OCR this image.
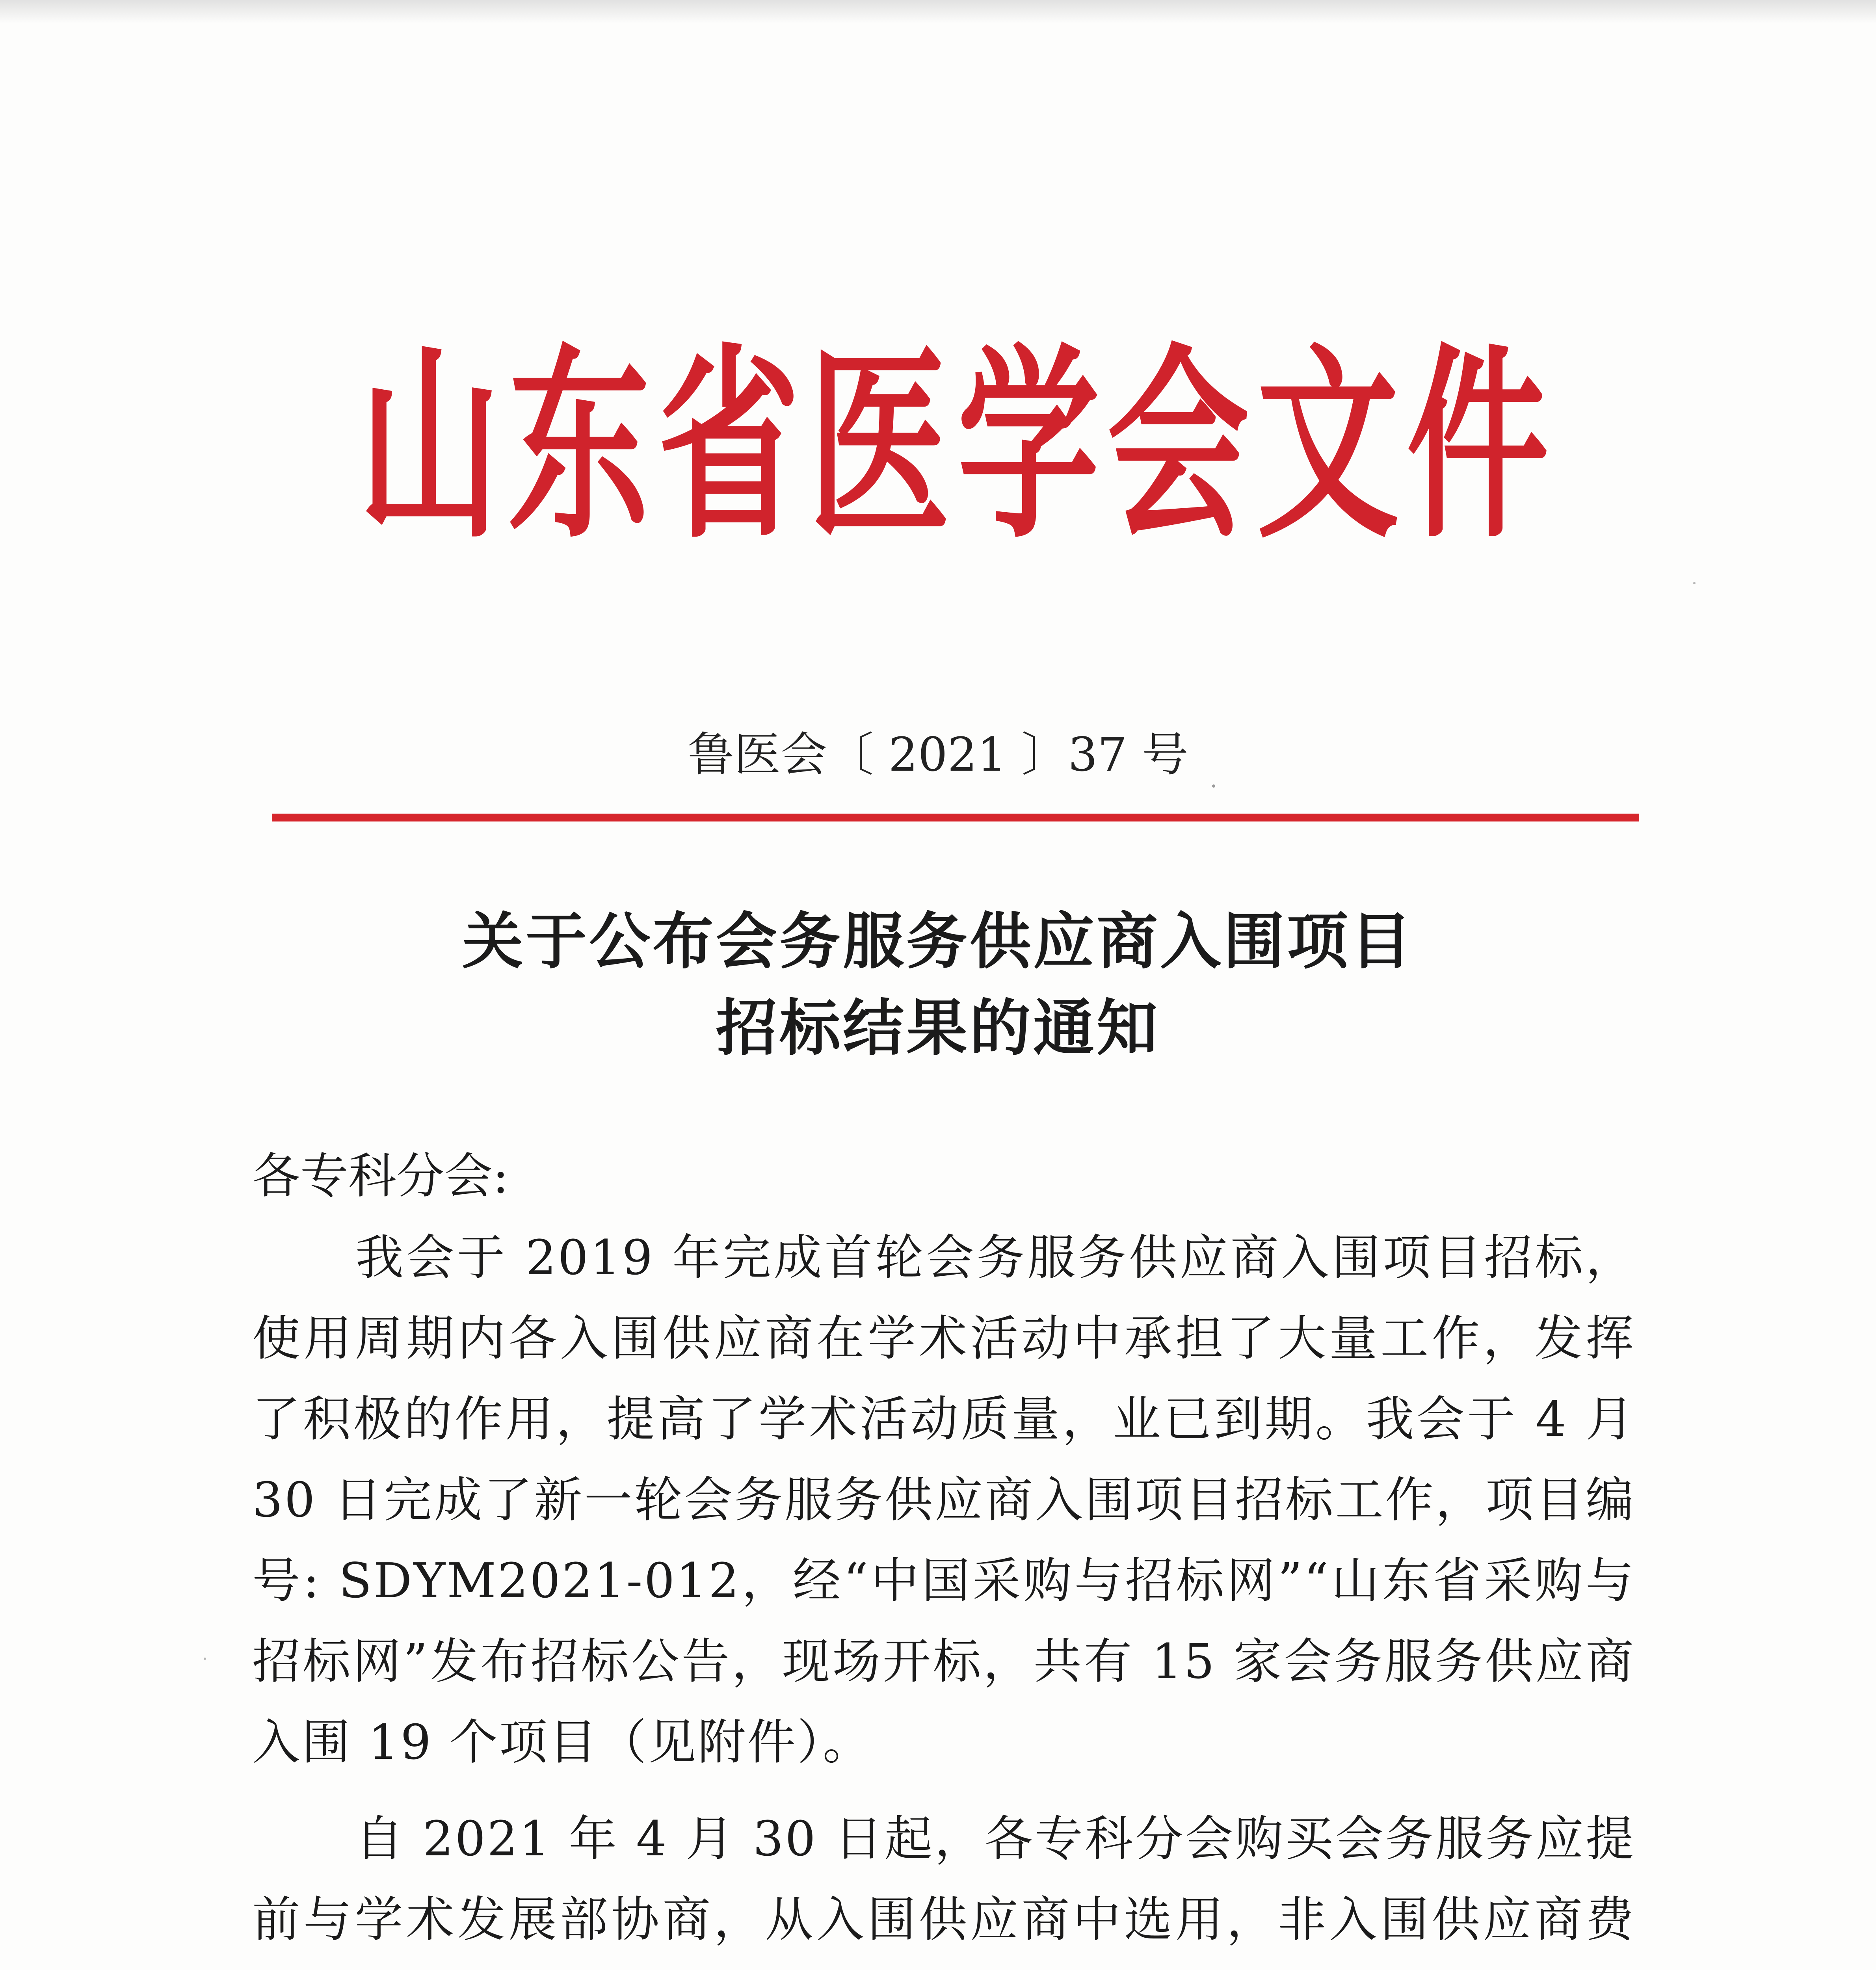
山东省医学会文件
鲁医会〔 2021 〕37 号
关于公布会务服务供应商入围项目
招标结果的通知
各专科分会:
我会于 2019 年完成首轮会务服务供应商入围项目招标，使用周期内各入围供应商在学术活动中承担了大量工作，发挥了积极的作用，提高了学术活动质量，业已到期。我会于 4 月 30 日完成了新一轮会务服务供应商入围项目招标工作，项目编号: SDYM2021-012，经“中国采购与招标网”“山东省采购与招标网”发布招标公告，现场开标，共有 15 家会务服务供应商入围 19 个项目（见附件）。
自 2021 年 4 月 30 日起，各专科分会购买会务服务应提前与学术发展部协商，从入围供应商中选用，非入围供应商费
